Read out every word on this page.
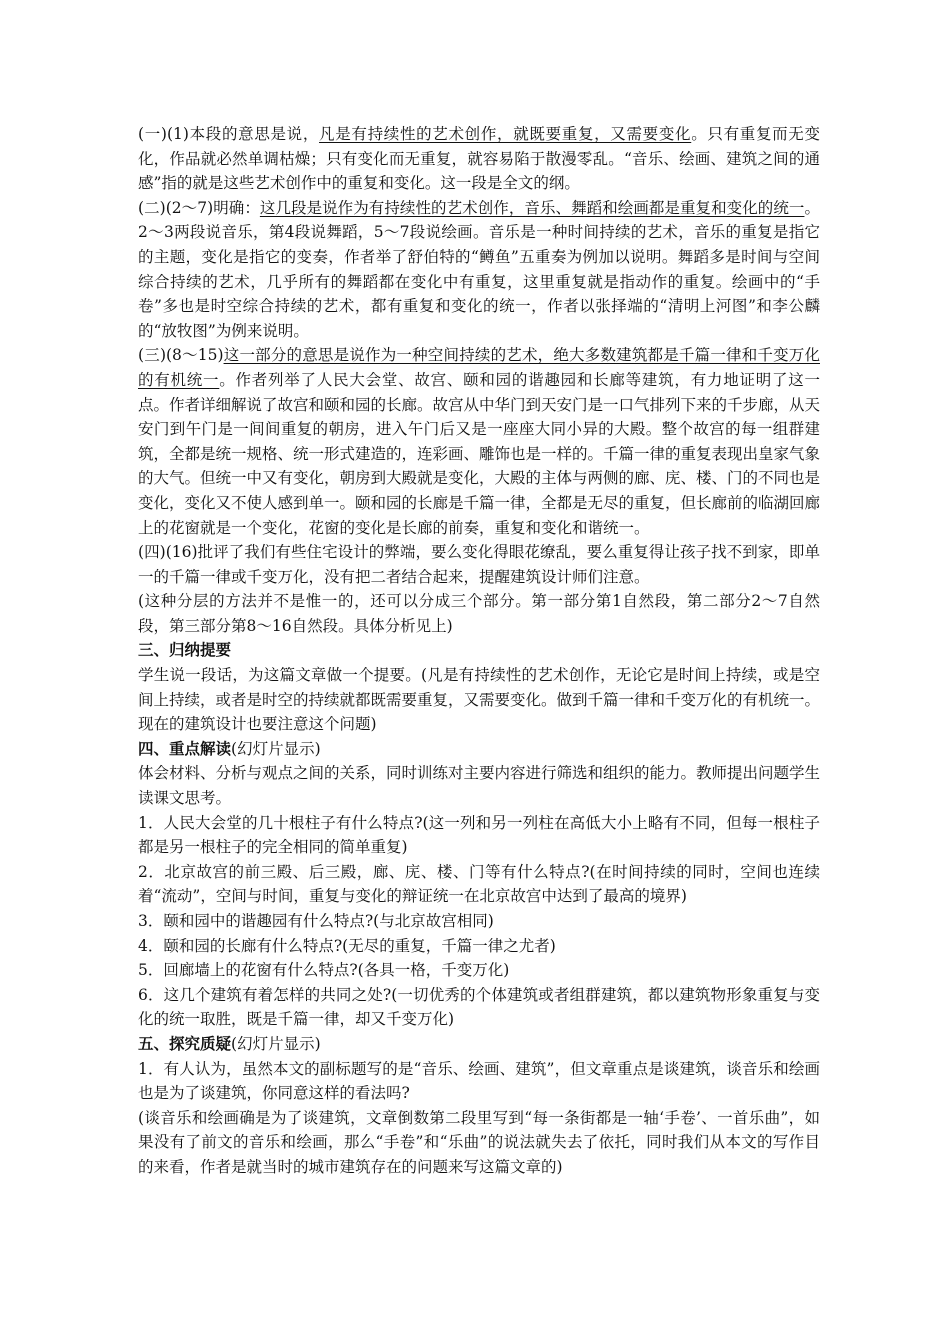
(一)(1)本段的意思是说，凡是有持续性的艺术创作，就既要重复，又需要变化。只有重复而无变化，作品就必然单调枯燥；只有变化而无重复，就容易陷于散漫零乱。“音乐、绘画、建筑之间的通感”指的就是这些艺术创作中的重复和变化。这一段是全文的纲。

(二)(2～7)明确：这几段是说作为有持续性的艺术创作，音乐、舞蹈和绘画都是重复和变化的统一。2～3两段说音乐，第4段说舞蹈，5～7段说绘画。音乐是一种时间持续的艺术，音乐的重复是指它的主题，变化是指它的变奏，作者举了舒伯特的“鳟鱼”五重奏为例加以说明。舞蹈多是时间与空间综合持续的艺术，几乎所有的舞蹈都在变化中有重复，这里重复就是指动作的重复。绘画中的“手卷”多也是时空综合持续的艺术，都有重复和变化的统一，作者以张择端的“清明上河图”和李公麟的“放牧图”为例来说明。

(三)(8～15)这一部分的意思是说作为一种空间持续的艺术，绝大多数建筑都是千篇一律和千变万化的有机统一。作者列举了人民大会堂、故宫、颐和园的谐趣园和长廊等建筑，有力地证明了这一点。作者详细解说了故宫和颐和园的长廊。故宫从中华门到天安门是一口气排列下来的千步廊，从天安门到午门是一间间重复的朝房，进入午门后又是一座座大同小异的大殿。整个故宫的每一组群建筑，全都是统一规格、统一形式建造的，连彩画、雕饰也是一样的。千篇一律的重复表现出皇家气象的大气。但统一中又有变化，朝房到大殿就是变化，大殿的主体与两侧的廊、庑、楼、门的不同也是变化，变化又不使人感到单一。颐和园的长廊是千篇一律，全都是无尽的重复，但长廊前的临湖回廊上的花窗就是一个变化，花窗的变化是长廊的前奏，重复和变化和谐统一。

(四)(16)批评了我们有些住宅设计的弊端，要么变化得眼花缭乱，要么重复得让孩子找不到家，即单一的千篇一律或千变万化，没有把二者结合起来，提醒建筑设计师们注意。

(这种分层的方法并不是惟一的，还可以分成三个部分。第一部分第1自然段，第二部分2～7自然段，第三部分第8～16自然段。具体分析见上)

三、归纳提要

学生说一段话，为这篇文章做一个提要。(凡是有持续性的艺术创作，无论它是时间上持续，或是空间上持续，或者是时空的持续就都既需要重复，又需要变化。做到千篇一律和千变万化的有机统一。现在的建筑设计也要注意这个问题)

四、重点解读(幻灯片显示)

体会材料、分析与观点之间的关系，同时训练对主要内容进行筛选和组织的能力。教师提出问题学生读课文思考。

1．人民大会堂的几十根柱子有什么特点?(这一列和另一列柱在高低大小上略有不同，但每一根柱子都是另一根柱子的完全相同的简单重复)

2．北京故宫的前三殿、后三殿，廊、庑、楼、门等有什么特点?(在时间持续的同时，空间也连续着“流动”，空间与时间，重复与变化的辩证统一在北京故宫中达到了最高的境界)

3．颐和园中的谐趣园有什么特点?(与北京故宫相同)

4．颐和园的长廊有什么特点?(无尽的重复，千篇一律之尤者)

5．回廊墙上的花窗有什么特点?(各具一格，千变万化)

6．这几个建筑有着怎样的共同之处?(一切优秀的个体建筑或者组群建筑，都以建筑物形象重复与变化的统一取胜，既是千篇一律，却又千变万化)

五、探究质疑(幻灯片显示)

1．有人认为，虽然本文的副标题写的是“音乐、绘画、建筑”，但文章重点是谈建筑，谈音乐和绘画也是为了谈建筑，你同意这样的看法吗?

(谈音乐和绘画确是为了谈建筑，文章倒数第二段里写到“每一条街都是一轴‘手卷’、一首乐曲”，如果没有了前文的音乐和绘画，那么“手卷”和“乐曲”的说法就失去了依托，同时我们从本文的写作目的来看，作者是就当时的城市建筑存在的问题来写这篇文章的)
